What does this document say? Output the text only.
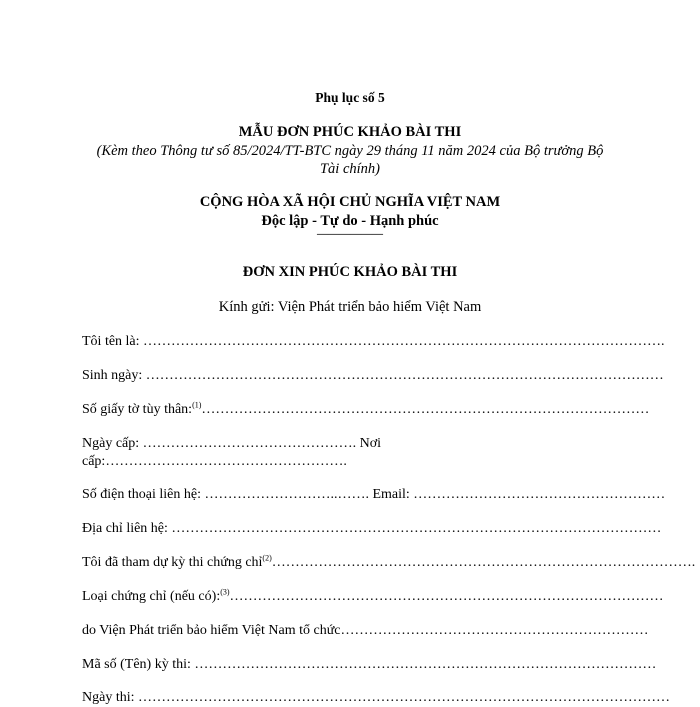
Phụ lục số 5
MẪU ĐƠN PHÚC KHẢO BÀI THI
(Kèm theo Thông tư số 85/2024/TT-BTC ngày 29 tháng 11 năm 2024 của Bộ trưởng Bộ
Tài chính)
CỘNG HÒA XÃ HỘI CHỦ NGHĨA VIỆT NAM
Độc lập - Tự do - Hạnh phúc
——————
ĐƠN XIN PHÚC KHẢO BÀI THI
Kính gửi: Viện Phát triển bảo hiểm Việt Nam
Tôi tên là: ………………………………………………………………………………………………….
Sinh ngày: …………………………………………………………………………………………………
Số giấy tờ tùy thân:$^{(1)}$……………………………………………………………………………………
Ngày cấp: ………………………………………. Nơi
cấp:…………………………………………….
Số điện thoại liên hệ: ………………………..……. Email: ………………………………………………
Địa chỉ liên hệ: ……………………………………………………………………………………………
Tôi đã tham dự kỳ thi chứng chỉ$^{(2)}$……………………………………………………………………………….
Loại chứng chỉ (nếu có):$^{(3)}$…………………………………………………………………………………
do Viện Phát triển bảo hiểm Việt Nam tổ chức…………………………………………………………
Mã số (Tên) kỳ thi: ………………………………………………………………………………………
Ngày thi: ……………………………………………………………………………………………………
